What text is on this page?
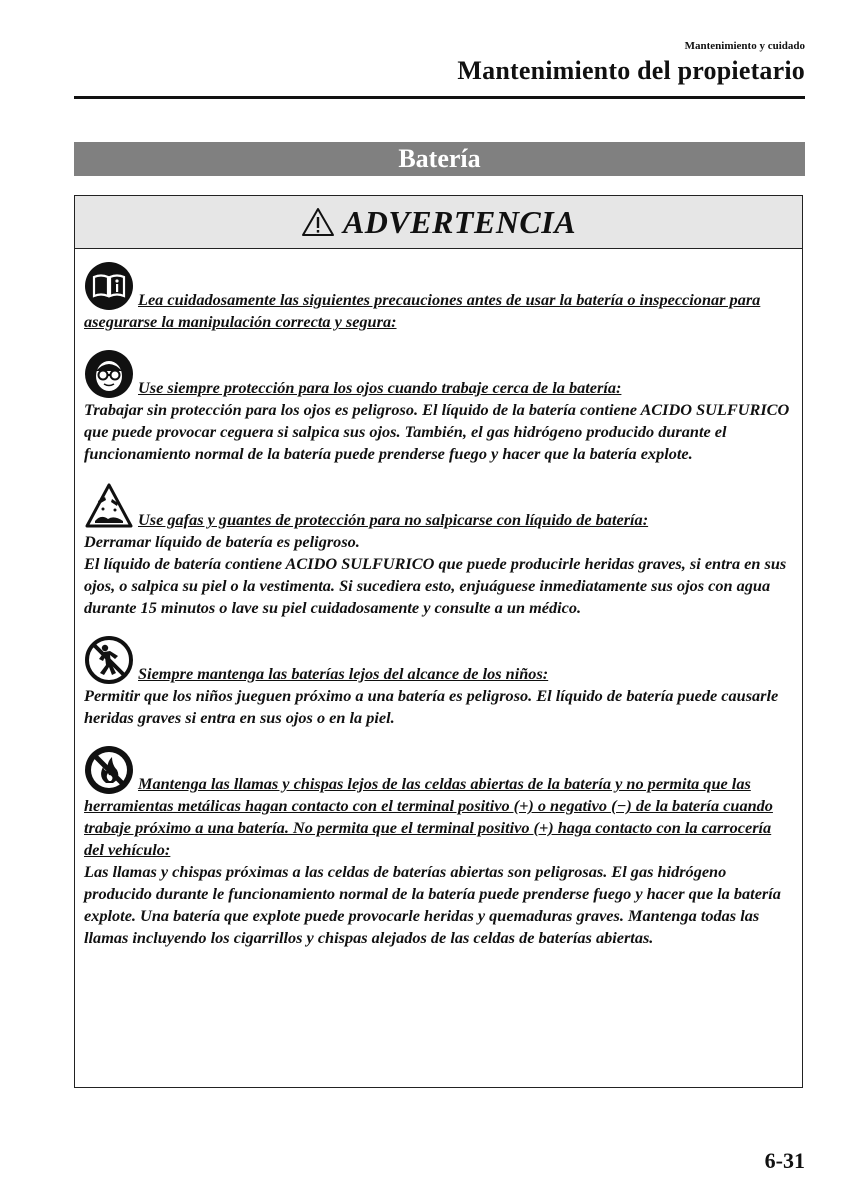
Mantenimiento y cuidado
Mantenimiento del propietario
Batería
ADVERTENCIA
Lea cuidadosamente las siguientes precauciones antes de usar la batería o inspeccionar para asegurarse la manipulación correcta y segura:
Use siempre protección para los ojos cuando trabaje cerca de la batería:
Trabajar sin protección para los ojos es peligroso. El líquido de la batería contiene ACIDO SULFURICO que puede provocar ceguera si salpica sus ojos. También, el gas hidrógeno producido durante el funcionamiento normal de la batería puede prenderse fuego y hacer que la batería explote.
Use gafas y guantes de protección para no salpicarse con líquido de batería:
Derramar líquido de batería es peligroso.
El líquido de batería contiene ACIDO SULFURICO que puede producirle heridas graves, si entra en sus ojos, o salpica su piel o la vestimenta. Si sucediera esto, enjuáguese inmediatamente sus ojos con agua durante 15 minutos o lave su piel cuidadosamente y consulte a un médico.
Siempre mantenga las baterías lejos del alcance de los niños:
Permitir que los niños jueguen próximo a una batería es peligroso. El líquido de batería puede causarle heridas graves si entra en sus ojos o en la piel.
Mantenga las llamas y chispas lejos de las celdas abiertas de la batería y no permita que las herramientas metálicas hagan contacto con el terminal positivo (+) o negativo (−) de la batería cuando trabaje próximo a una batería. No permita que el terminal positivo (+) haga contacto con la carrocería del vehículo:
Las llamas y chispas próximas a las celdas de baterías abiertas son peligrosas. El gas hidrógeno producido durante le funcionamiento normal de la batería puede prenderse fuego y hacer que la batería explote. Una batería que explote puede provocarle heridas y quemaduras graves. Mantenga todas las llamas incluyendo los cigarrillos y chispas alejados de las celdas de baterías abiertas.
6-31
